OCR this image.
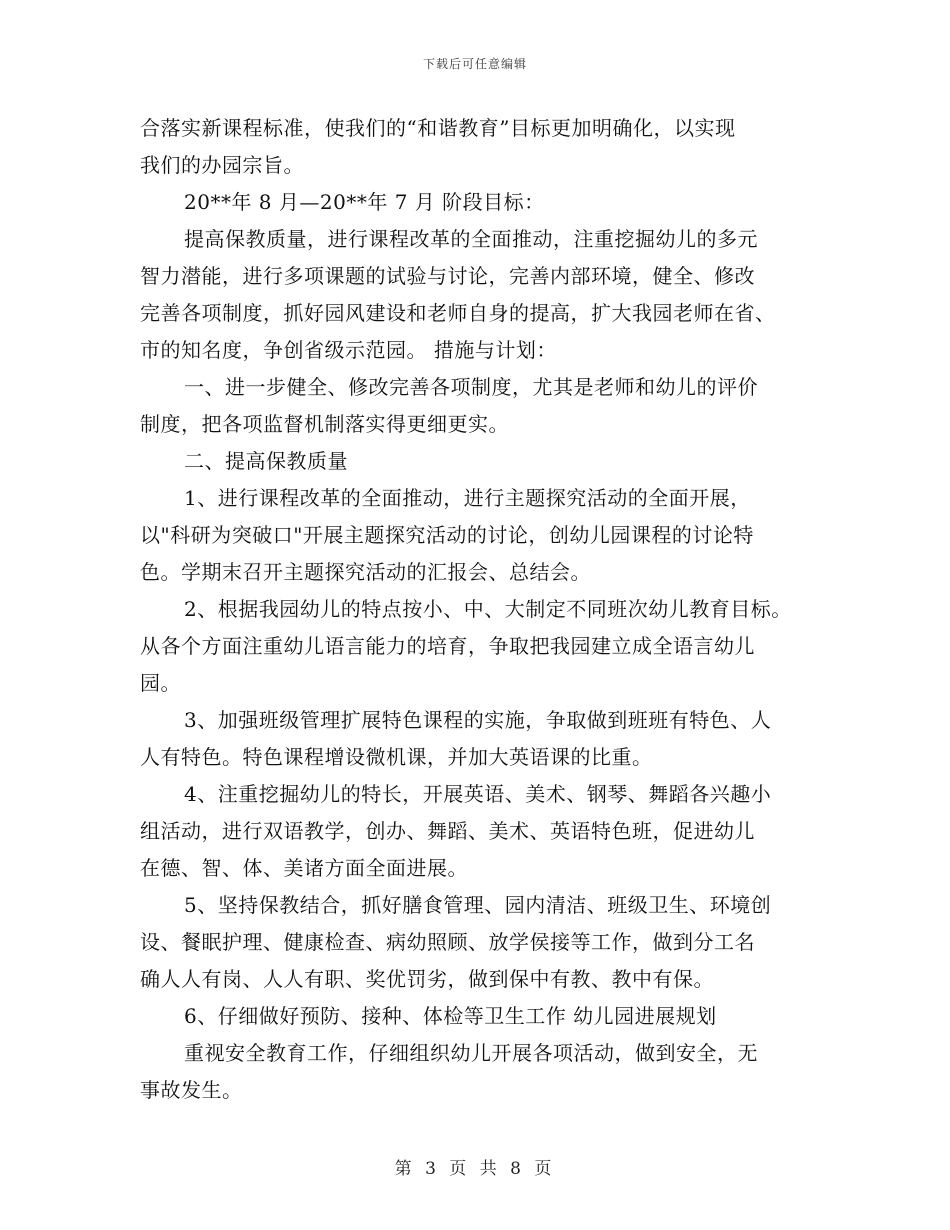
下载后可任意编辑
合落实新课程标准，使我们的“和谐教育”目标更加明确化，以实现
我们的办园宗旨。
20**年 8 月—20**年 7 月 阶段目标：
提高保教质量，进行课程改革的全面推动，注重挖掘幼儿的多元
智力潜能，进行多项课题的试验与讨论，完善内部环境，健全、修改
完善各项制度，抓好园风建设和老师自身的提高，扩大我园老师在省、
市的知名度，争创省级示范园。 措施与计划：
一、进一步健全、修改完善各项制度，尤其是老师和幼儿的评价
制度，把各项监督机制落实得更细更实。
二、提高保教质量
1、进行课程改革的全面推动，进行主题探究活动的全面开展，
以"科研为突破口"开展主题探究活动的讨论，创幼儿园课程的讨论特
色。学期末召开主题探究活动的汇报会、总结会。
2、根据我园幼儿的特点按小、中、大制定不同班次幼儿教育目标。
从各个方面注重幼儿语言能力的培育，争取把我园建立成全语言幼儿
园。
3、加强班级管理扩展特色课程的实施，争取做到班班有特色、人
人有特色。特色课程增设微机课，并加大英语课的比重。
4、注重挖掘幼儿的特长，开展英语、美术、钢琴、舞蹈各兴趣小
组活动，进行双语教学，创办、舞蹈、美术、英语特色班，促进幼儿
在德、智、体、美诸方面全面进展。
5、坚持保教结合，抓好膳食管理、园内清洁、班级卫生、环境创
设、餐眠护理、健康检查、病幼照顾、放学侯接等工作，做到分工名
确人人有岗、人人有职、奖优罚劣，做到保中有教、教中有保。
6、仔细做好预防、接种、体检等卫生工作 幼儿园进展规划
重视安全教育工作，仔细组织幼儿开展各项活动，做到安全，无
事故发生。
第 3 页 共 8 页
